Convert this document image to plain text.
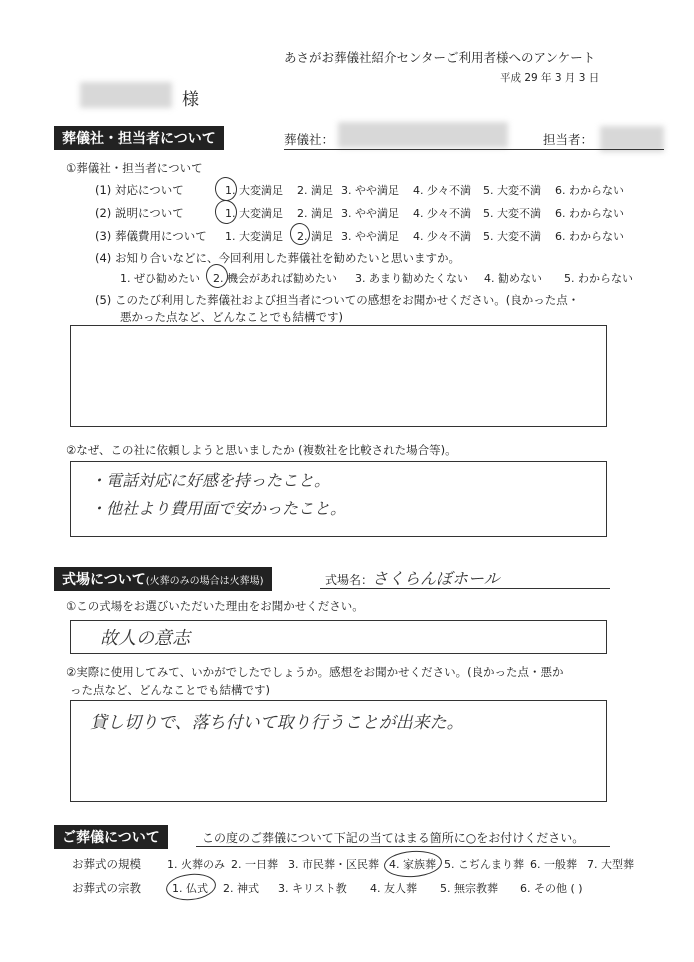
あさがお葬儀社紹介センターご利用者様へのアンケート
平成 29 年 3 月 3 日
様
葬儀社・担当者について	葬儀社：	担当者：
①葬儀社・担当者について
(1) 対応について	1. 大変満足 2. 満足 3. やや満足 4. 少々不満 5. 大変不満 6. わからない
(2) 説明について	1. 大変満足 2. 満足 3. やや満足 4. 少々不満 5. 大変不満 6. わからない
(3) 葬儀費用について 1. 大変満足 2. 満足 3. やや満足 4. 少々不満 5. 大変不満 6. わからない
(4) お知り合いなどに、今回利用した葬儀社を勧めたいと思いますか。
1. ぜひ勧めたい 2. 機会があれば勧めたい 3. あまり勧めたくない 4. 勧めない 5. わからない
(5) このたび利用した葬儀社および担当者についての感想をお聞かせください。(良かった点・
悪かった点など、どんなことでも結構です)
②なぜ、この社に依頼しようと思いましたか (複数社を比較された場合等)。
・電話対応に好感を持ったこと。
・他社より費用面で安かったこと。
式場について(火葬のみの場合は火葬場)	式場名：
さくらんぼホール
①この式場をお選びいただいた理由をお聞かせください。
故人の意志
②実際に使用してみて、いかがでしたでしょうか。感想をお聞かせください。(良かった点・悪か
った点など、どんなことでも結構です)
貸し切りで、落ち付いて取り行うことが出来た。
ご葬儀について	この度のご葬儀について下記の当てはまる箇所に○をお付けください。
お葬式の規模 1. 火葬のみ 2. 一日葬 3. 市民葬・区民葬 4. 家族葬 5. こぢんまり葬 6. 一般葬 7. 大型葬
お葬式の宗教	1. 仏式 2. 神式 3. キリスト教 4. 友人葬 5. 無宗教葬 6. その他 ( )
